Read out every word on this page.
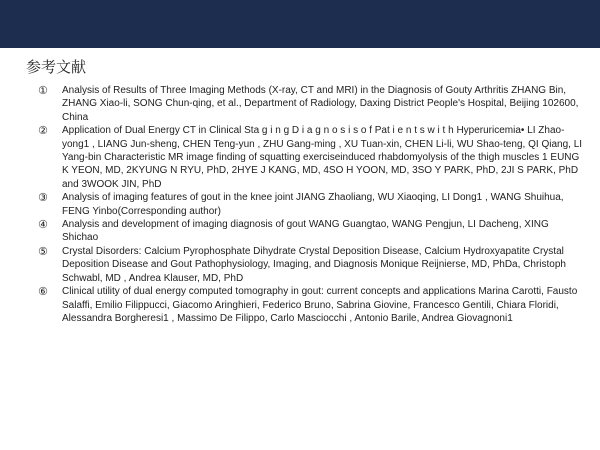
参考文献
①	Analysis of Results of Three Imaging Methods (X-ray, CT and MRI) in the Diagnosis of Gouty Arthritis ZHANG Bin, ZHANG Xiao-li, SONG Chun-qing, et al., Department of Radiology, Daxing District People's Hospital, Beijing 102600, China
②	Application of Dual Energy CT in Clinical Sta g i n g D i a g n o s i s o f Pat i e n t s w i t h Hyperuricemia• LI Zhao-yong1 , LIANG Jun-sheng, CHEN Teng-yun , ZHU Gang-ming , XU Tuan-xin, CHEN Li-li, WU Shao-teng, QI Qiang, LI Yang-bin Characteristic MR image finding of squatting exerciseinduced rhabdomyolysis of the thigh muscles 1 EUNG K YEON, MD, 2KYUNG N RYU, PhD, 2HYE J KANG, MD, 4SO H YOON, MD, 3SO Y PARK, PhD, 2JI S PARK, PhD and 3WOOK JIN, PhD
③	Analysis of imaging features of gout in the knee joint JIANG Zhaoliang, WU Xiaoqing, LI Dong1 , WANG Shuihua, FENG Yinbo(Corresponding author)
④	Analysis and development of imaging diagnosis of gout WANG Guangtao, WANG Pengjun, LI Dacheng, XING Shichao
⑤	Crystal Disorders: Calcium Pyrophosphate Dihydrate Crystal Deposition Disease, Calcium Hydroxyapatite Crystal Deposition Disease and Gout Pathophysiology, Imaging, and Diagnosis Monique Reijnierse, MD, PhDa, Christoph Schwabl, MD , Andrea Klauser, MD, PhD
⑥	Clinical utility of dual energy computed tomography in gout: current concepts and applications Marina Carotti, Fausto Salaffi, Emilio Filippucci, Giacomo Aringhieri, Federico Bruno, Sabrina Giovine, Francesco Gentili, Chiara Floridi, Alessandra Borgheresi1 , Massimo De Filippo, Carlo Masciocchi , Antonio Barile, Andrea Giovagnoni1
